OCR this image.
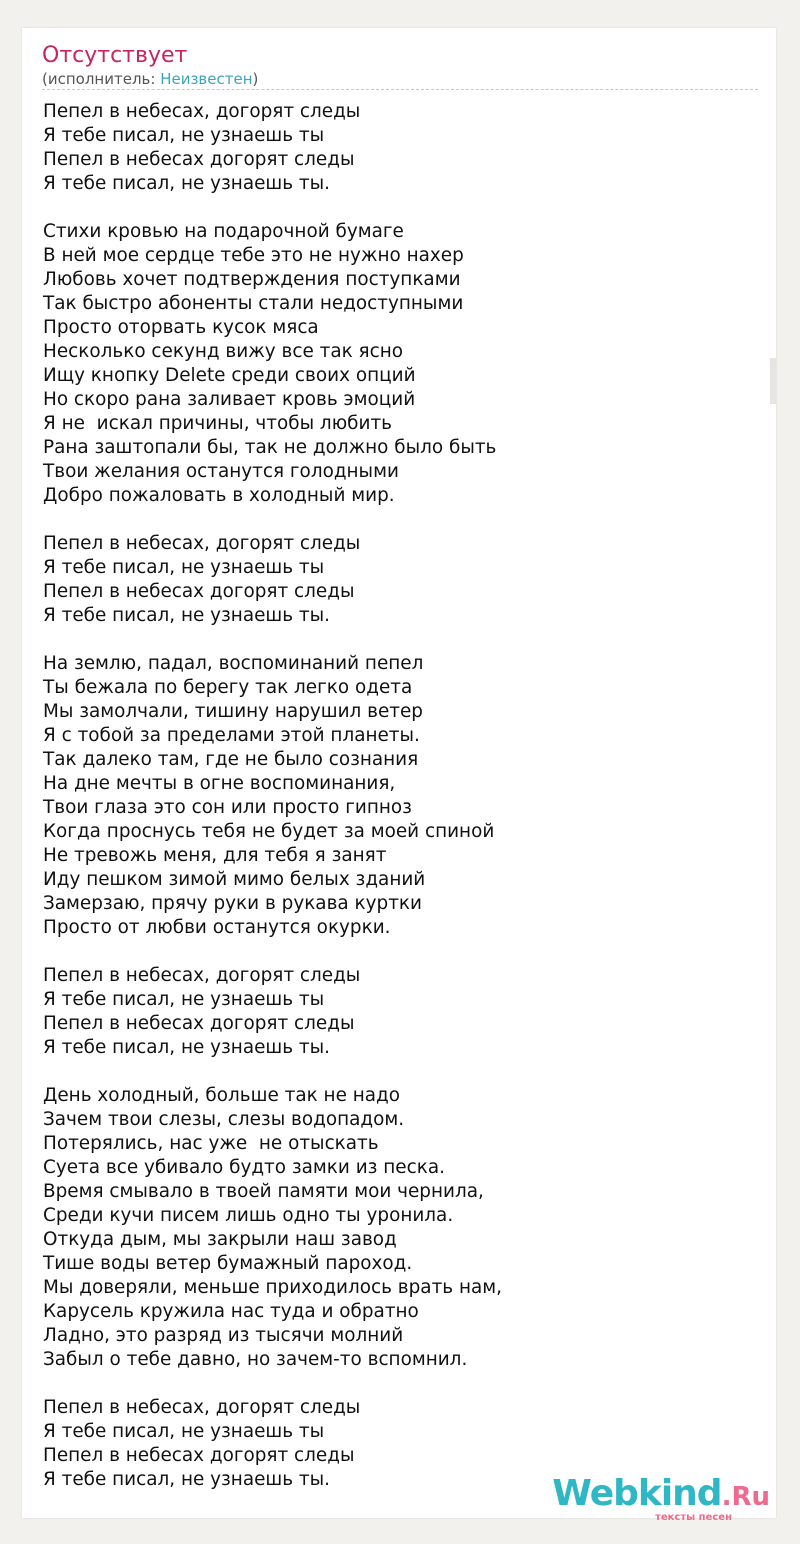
Отсутствует
(исполнитель: Неизвестен)
Пепел в небесах, догорят следы
Я тебе писал, не узнаешь ты
Пепел в небесах догорят следы
Я тебе писал, не узнаешь ты.
Стихи кровью на подарочной бумаге
В ней мое сердце тебе это не нужно нахер
Любовь хочет подтверждения поступками
Так быстро абоненты стали недоступными
Просто оторвать кусок мяса
Несколько секунд вижу все так ясно
Ищу кнопку Delete среди своих опций
Но скоро рана заливает кровь эмоций
Я не  искал причины, чтобы любить
Рана заштопали бы, так не должно было быть
Твои желания останутся голодными
Добро пожаловать в холодный мир.
Пепел в небесах, догорят следы
Я тебе писал, не узнаешь ты
Пепел в небесах догорят следы
Я тебе писал, не узнаешь ты.
На землю, падал, воспоминаний пепел
Ты бежала по берегу так легко одета
Мы замолчали, тишину нарушил ветер
Я с тобой за пределами этой планеты.
Так далеко там, где не было сознания
На дне мечты в огне воспоминания,
Твои глаза это сон или просто гипноз
Когда проснусь тебя не будет за моей спиной
Не тревожь меня, для тебя я занят
Иду пешком зимой мимо белых зданий
Замерзаю, прячу руки в рукава куртки
Просто от любви останутся окурки.
Пепел в небесах, догорят следы
Я тебе писал, не узнаешь ты
Пепел в небесах догорят следы
Я тебе писал, не узнаешь ты.
День холодный, больше так не надо
Зачем твои слезы, слезы водопадом.
Потерялись, нас уже  не отыскать
Суета все убивало будто замки из песка.
Время смывало в твоей памяти мои чернила,
Среди кучи писем лишь одно ты уронила.
Откуда дым, мы закрыли наш завод
Тише воды ветер бумажный пароход.
Мы доверяли, меньше приходилось врать нам,
Карусель кружила нас туда и обратно
Ладно, это разряд из тысячи молний
Забыл о тебе давно, но зачем-то вспомнил.
Пепел в небесах, догорят следы
Я тебе писал, не узнаешь ты
Пепел в небесах догорят следы
Я тебе писал, не узнаешь ты.	Webkind.Ru
тексты песен
